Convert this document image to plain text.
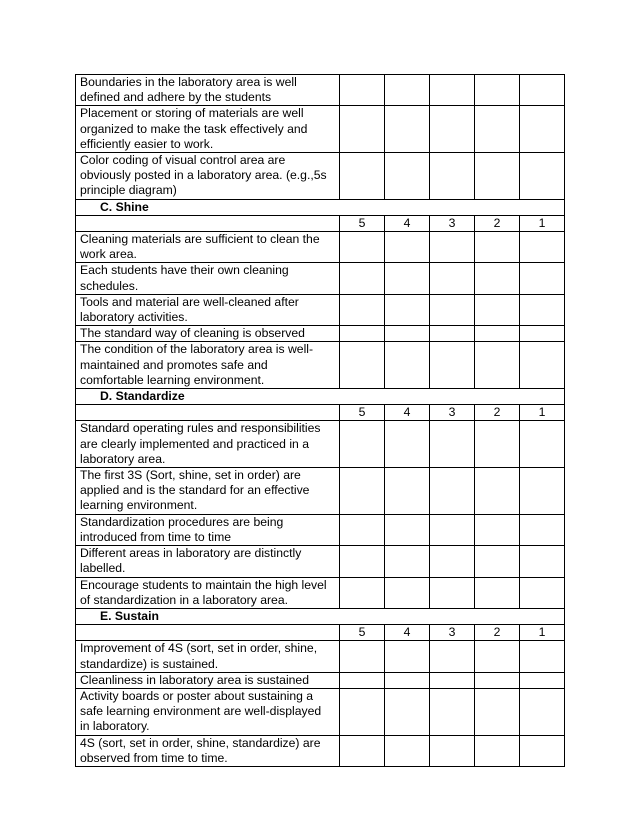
Boundaries in the laboratory area is well
defined and adhere by the students					

Placement or storing of materials are well
organized to make the task effectively and
efficiently easier to work.					

Color coding of visual control area are
obviously posted in a laboratory area. (e.g.,5s
principle diagram)					

C. Shine					
	5	4	3	2	1

Cleaning materials are sufficient to clean the
work area.					

Each students have their own cleaning
schedules.					

Tools and material are well-cleaned after
laboratory activities.					

The standard way of cleaning is observed					

The condition of the laboratory area is well-
maintained and promotes safe and
comfortable learning environment.					

D. Standardize					
	5	4	3	2	1

Standard operating rules and responsibilities
are clearly implemented and practiced in a
laboratory area.					

The first 3S (Sort, shine, set in order) are
applied and is the standard for an effective
learning environment.					

Standardization procedures are being
introduced from time to time					

Different areas in laboratory are distinctly
labelled.					

Encourage students to maintain the high level
of standardization in a laboratory area.					

E. Sustain					
	5	4	3	2	1

Improvement of 4S (sort, set in order, shine,
standardize) is sustained.					

Cleanliness in laboratory area is sustained					

Activity boards or poster about sustaining a
safe learning environment are well-displayed
in laboratory.					

4S (sort, set in order, shine, standardize) are
observed from time to time.					
